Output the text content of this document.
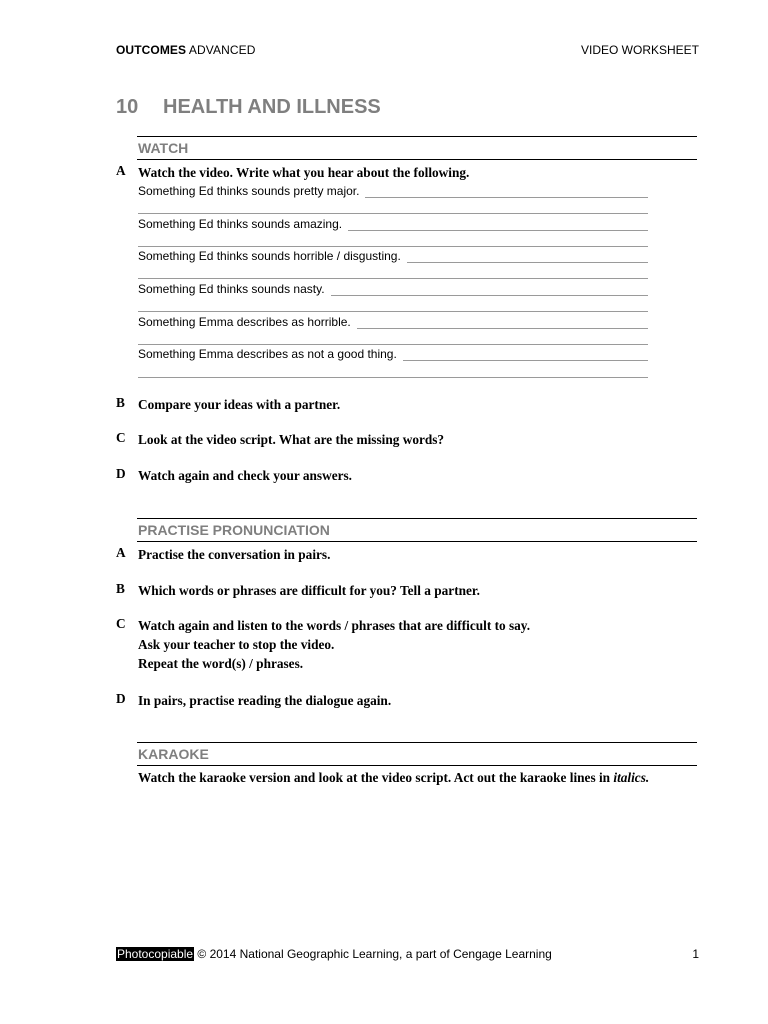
OUTCOMES ADVANCED	VIDEO WORKSHEET
10 HEALTH AND ILLNESS
WATCH
A Watch the video. Write what you hear about the following.
Something Ed thinks sounds pretty major.
Something Ed thinks sounds amazing.
Something Ed thinks sounds horrible / disgusting.
Something Ed thinks sounds nasty.
Something Emma describes as horrible.
Something Emma describes as not a good thing.
B Compare your ideas with a partner.
C Look at the video script. What are the missing words?
D Watch again and check your answers.
PRACTISE PRONUNCIATION
A Practise the conversation in pairs.
B Which words or phrases are difficult for you? Tell a partner.
C Watch again and listen to the words / phrases that are difficult to say.
Ask your teacher to stop the video.
Repeat the word(s) / phrases.
D In pairs, practise reading the dialogue again.
KARAOKE
Watch the karaoke version and look at the video script. Act out the karaoke lines in italics.
Photocopiable © 2014 National Geographic Learning, a part of Cengage Learning	1
